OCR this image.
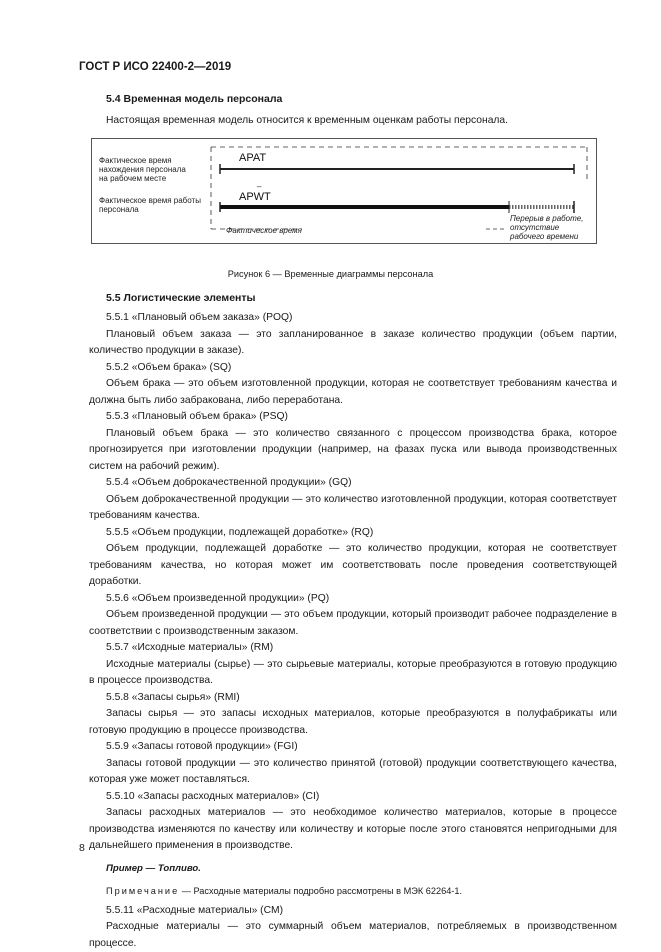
ГОСТ Р ИСО 22400-2—2019
5.4 Временная модель персонала

Настоящая временная модель относится к временным оценкам работы персонала.

Фактическое время
нахождения персонала
на рабочем месте
Фактическое время работы
персонала
APAT
–
APWT
Фактическое время
Перерыв в работе,
отсутствие
рабочего времени
Рисунок 6 — Временные диаграммы персонала
5.5 Логистические элементы

5.5.1 «Плановый объем заказа» (POQ)

Плановый объем заказа — это запланированное в заказе количество продукции (объем партии, количество продукции в заказе).

5.5.2 «Объем брака» (SQ)

Объем брака — это объем изготовленной продукции, которая не соответствует требованиям качества и должна быть либо забракована, либо переработана.

5.5.3 «Плановый объем брака» (PSQ)

Плановый объем брака — это количество связанного с процессом производства брака, которое прогнозируется при изготовлении продукции (например, на фазах пуска или вывода производственных систем на рабочий режим).

5.5.4 «Объем доброкачественной продукции» (GQ)

Объем доброкачественной продукции — это количество изготовленной продукции, которая соответствует требованиям качества.

5.5.5 «Объем продукции, подлежащей доработке» (RQ)

Объем продукции, подлежащей доработке — это количество продукции, которая не соответствует требованиям качества, но которая может им соответствовать после проведения соответствующей доработки.

5.5.6 «Объем произведенной продукции» (PQ)

Объем произведенной продукции — это объем продукции, который производит рабочее подразделение в соответствии с производственным заказом.

5.5.7 «Исходные материалы» (RM)

Исходные материалы (сырье) — это сырьевые материалы, которые преобразуются в готовую продукцию в процессе производства.

5.5.8 «Запасы сырья» (RMI)

Запасы сырья — это запасы исходных материалов, которые преобразуются в полуфабрикаты или готовую продукцию в процессе производства.

5.5.9 «Запасы готовой продукции» (FGI)

Запасы готовой продукции — это количество принятой (готовой) продукции соответствующего качества, которая уже может поставляться.

5.5.10 «Запасы расходных материалов» (CI)

Запасы расходных материалов — это необходимое количество материалов, которые в процессе производства изменяются по качеству или количеству и которые после этого становятся непригодными для дальнейшего применения в производстве.

Пример — Топливо.

Примечание — Расходные материалы подробно рассмотрены в МЭК 62264-1.

5.5.11 «Расходные материалы» (CM)

Расходные материалы — это суммарный объем материалов, потребляемых в производственном процессе.

8
